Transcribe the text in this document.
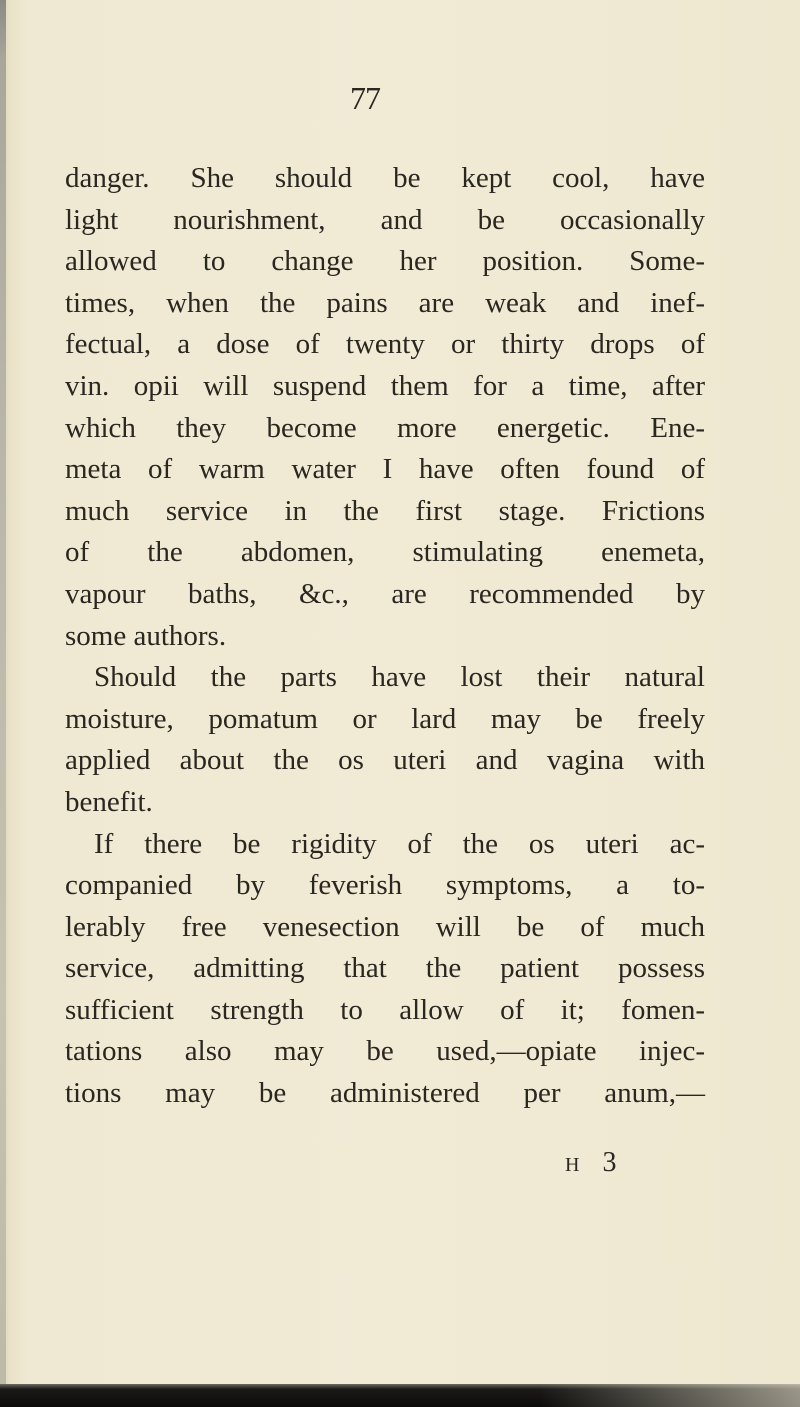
77
danger. She should be kept cool, have
light nourishment, and be occasionally
allowed to change her position. Some-
times, when the pains are weak and inef-
fectual, a dose of twenty or thirty drops of
vin. opii will suspend them for a time, after
which they become more energetic. Ene-
meta of warm water I have often found of
much service in the first stage. Frictions
of the abdomen, stimulating enemeta,
vapour baths, &c., are recommended by
some authors.
Should the parts have lost their natural
moisture, pomatum or lard may be freely
applied about the os uteri and vagina with
benefit.
If there be rigidity of the os uteri ac-
companied by feverish symptoms, a to-
lerably free venesection will be of much
service, admitting that the patient possess
sufficient strength to allow of it; fomen-
tations also may be used,—opiate injec-
tions may be administered per anum,—
H 3
